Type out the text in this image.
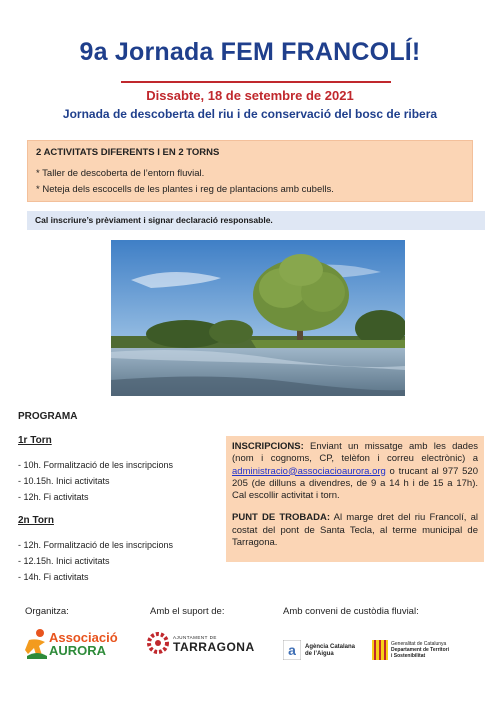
9a Jornada FEM FRANCOLÍ!
Dissabte, 18 de setembre de 2021
Jornada de descoberta del riu i de conservació del bosc de ribera
2 ACTIVITATS DIFERENTS I EN 2 TORNS
* Taller de descoberta de l’entorn fluvial.
* Neteja dels escocells de les plantes i reg de plantacions amb cubells.
Cal inscriure’s prèviament i signar declaració responsable.
PROGRAMA
1r Torn
- 10h. Formalització de les inscripcions
- 10.15h. Inici activitats
- 12h. Fi activitats
2n Torn
- 12h. Formalització de les inscripcions
- 12.15h. Inici activitats
- 14h. Fi activitats

INSCRIPCIONS: Enviant un missatge amb les dades (nom i cognoms, CP, telèfon i correu electrònic) a administracio@associacioaurora.org o trucant al 977 520 205 (de dilluns a divendres, de 9 a 14 h i de 15 a 17h). Cal escollir activitat i torn.

PUNT DE TROBADA: Al marge dret del riu Francolí, al costat del pont de Santa Tecla, al terme municipal de Tarragona.

Organitza:	Amb el suport de:	Amb conveni de custòdia fluvial:
Associació
AURORA
AJUNTAMENT DE
TARRAGONA a Agència Catalana
de l’Aigua
Generalitat de Catalunya
Departament de Territori
i Sostenibilitat
